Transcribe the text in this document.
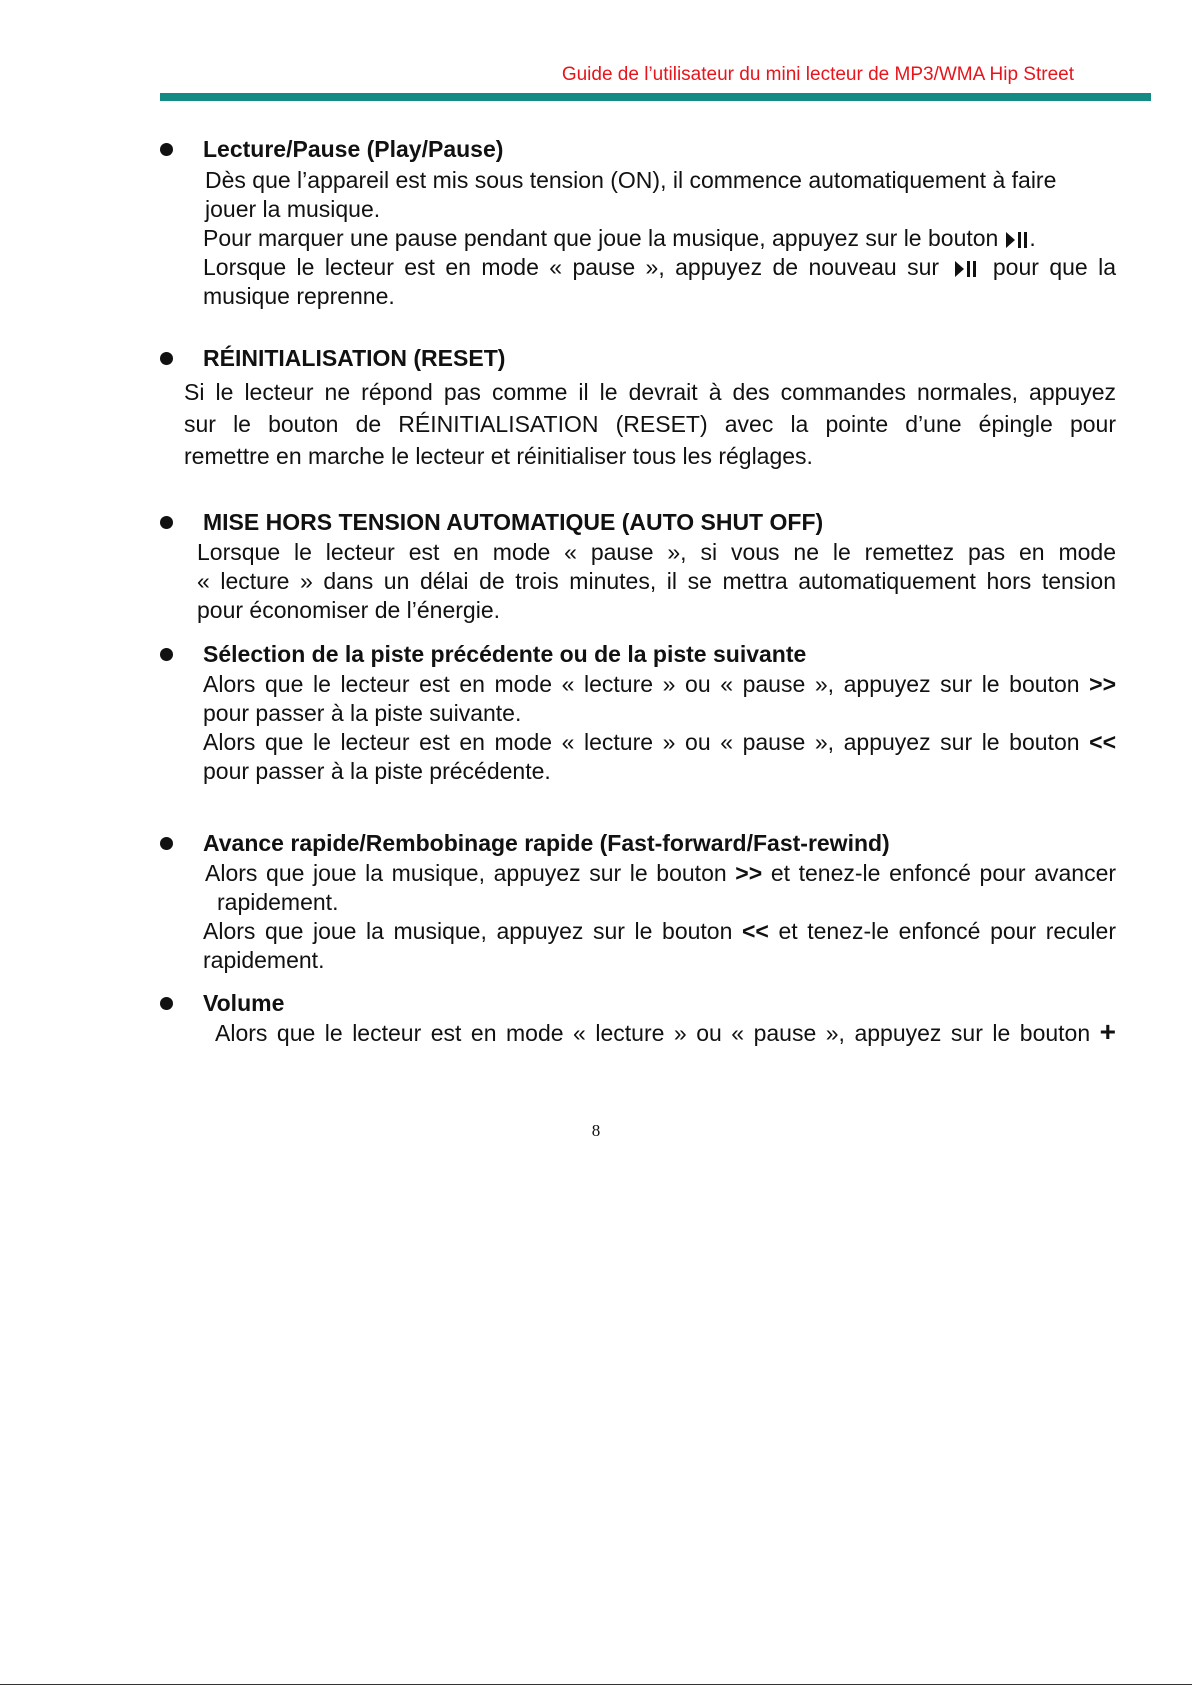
Guide de l’utilisateur du mini lecteur de MP3/WMA Hip Street
Lecture/Pause (Play/Pause)
Dès que l’appareil est mis sous tension (ON), il commence automatiquement à faire
jouer la musique.
Pour marquer une pause pendant que joue la musique, appuyez sur le bouton .
Lorsque le lecteur est en mode « pause », appuyez de nouveau sur pour que la
musique reprenne.
RÉINITIALISATION (RESET)
Si le lecteur ne répond pas comme il le devrait à des commandes normales, appuyez
sur le bouton de RÉINITIALISATION (RESET) avec la pointe d’une épingle pour
remettre en marche le lecteur et réinitialiser tous les réglages.
MISE HORS TENSION AUTOMATIQUE (AUTO SHUT OFF)
Lorsque le lecteur est en mode « pause », si vous ne le remettez pas en mode
« lecture » dans un délai de trois minutes, il se mettra automatiquement hors tension
pour économiser de l’énergie.
Sélection de la piste précédente ou de la piste suivante
Alors que le lecteur est en mode « lecture » ou « pause », appuyez sur le bouton >>
pour passer à la piste suivante.
Alors que le lecteur est en mode « lecture » ou « pause », appuyez sur le bouton <<
pour passer à la piste précédente.
Avance rapide/Rembobinage rapide (Fast-forward/Fast-rewind)
Alors que joue la musique, appuyez sur le bouton >> et tenez-le enfoncé pour avancer
rapidement.
Alors que joue la musique, appuyez sur le bouton << et tenez-le enfoncé pour reculer
rapidement.
Volume
Alors que le lecteur est en mode « lecture » ou « pause », appuyez sur le bouton +
8
